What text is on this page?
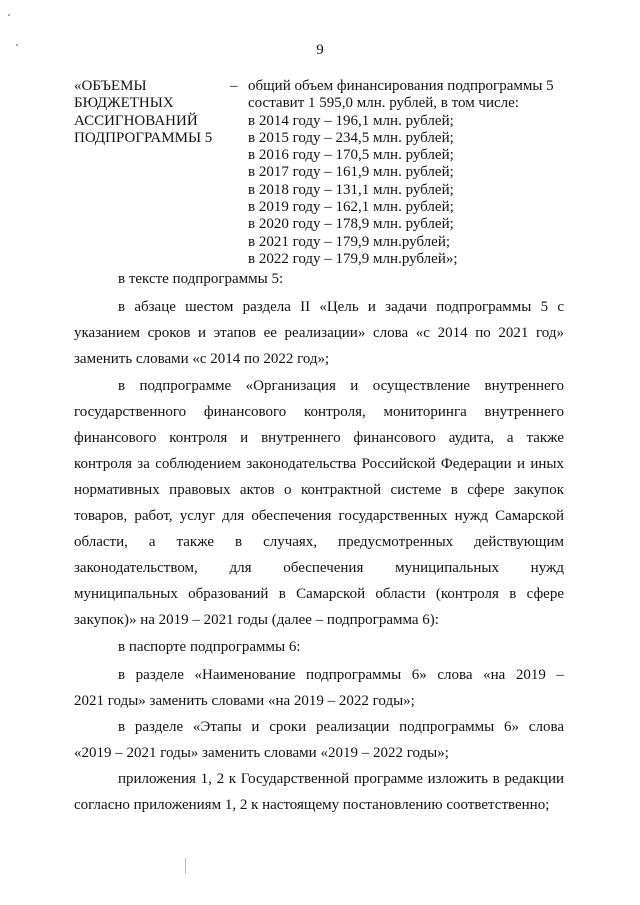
9
«ОБЪЕМЫ
БЮДЖЕТНЫХ
АССИГНОВАНИЙ
ПОДПРОГРАММЫ 5
– общий объем финансирования подпрограммы 5
составит 1 595,0 млн. рублей, в том числе:
в 2014 году – 196,1 млн. рублей;
в 2015 году – 234,5 млн. рублей;
в 2016 году – 170,5 млн. рублей;
в 2017 году – 161,9 млн. рублей;
в 2018 году – 131,1 млн. рублей;
в 2019 году – 162,1 млн. рублей;
в 2020 году – 178,9 млн. рублей;
в 2021 году – 179,9 млн.рублей;
в 2022 году – 179,9 млн.рублей»;
в тексте подпрограммы 5:
в абзаце шестом раздела II «Цель и задачи подпрограммы 5 с
указанием сроков и этапов ее реализации» слова «с 2014 по 2021 год»
заменить словами «с 2014 по 2022 год»;
в подпрограмме «Организация и осуществление внутреннего
государственного финансового контроля, мониторинга внутреннего
финансового контроля и внутреннего финансового аудита, а также
контроля за соблюдением законодательства Российской Федерации и иных
нормативных правовых актов о контрактной системе в сфере закупок
товаров, работ, услуг для обеспечения государственных нужд Самарской
области, а также в случаях, предусмотренных действующим
законодательством, для обеспечения муниципальных нужд
муниципальных образований в Самарской области (контроля в сфере
закупок)» на 2019 – 2021 годы (далее – подпрограмма 6):
в паспорте подпрограммы 6:
в разделе «Наименование подпрограммы 6» слова «на 2019 –
2021 годы» заменить словами «на 2019 – 2022 годы»;
в разделе «Этапы и сроки реализации подпрограммы 6» слова
«2019 – 2021 годы» заменить словами «2019 – 2022 годы»;
приложения 1, 2 к Государственной программе изложить в редакции
согласно приложениям 1, 2 к настоящему постановлению соответственно;
